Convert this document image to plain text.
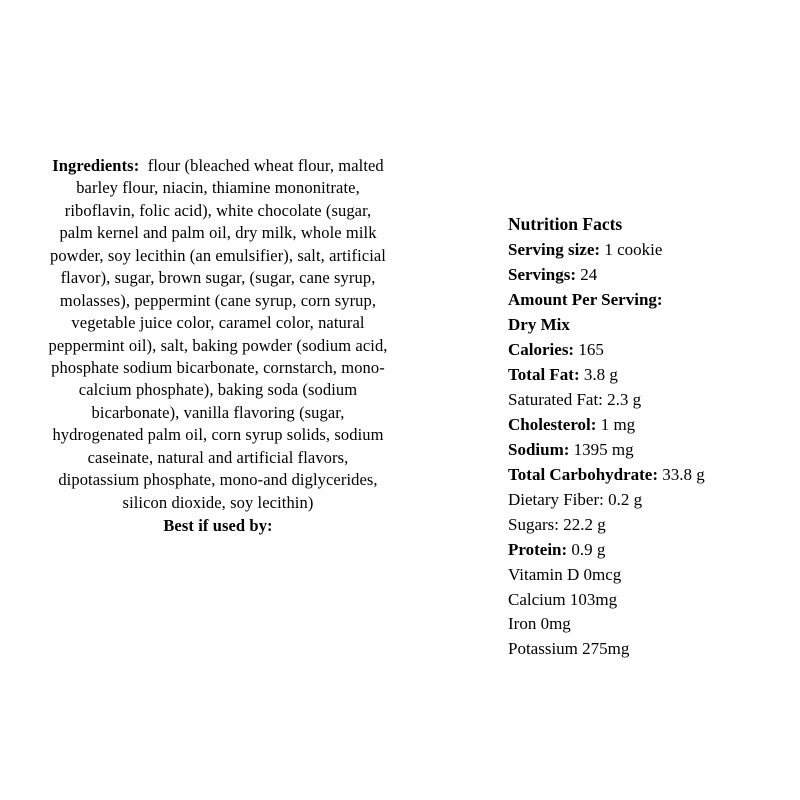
Ingredients: flour (bleached wheat flour, malted barley flour, niacin, thiamine mononitrate, riboflavin, folic acid), white chocolate (sugar, palm kernel and palm oil, dry milk, whole milk powder, soy lecithin (an emulsifier), salt, artificial flavor), sugar, brown sugar, (sugar, cane syrup, molasses), peppermint (cane syrup, corn syrup, vegetable juice color, caramel color, natural peppermint oil), salt, baking powder (sodium acid, phosphate sodium bicarbonate, cornstarch, mono-calcium phosphate), baking soda (sodium bicarbonate), vanilla flavoring (sugar, hydrogenated palm oil, corn syrup solids, sodium caseinate, natural and artificial flavors, dipotassium phosphate, mono-and diglycerides, silicon dioxide, soy lecithin)

Best if used by:
Nutrition Facts
Serving size: 1 cookie
Servings: 24
Amount Per Serving:
Dry Mix
Calories: 165
Total Fat: 3.8 g
Saturated Fat: 2.3 g
Cholesterol: 1 mg
Sodium: 1395 mg
Total Carbohydrate: 33.8 g
Dietary Fiber: 0.2 g
Sugars: 22.2 g
Protein: 0.9 g
Vitamin D 0mcg
Calcium 103mg
Iron 0mg
Potassium 275mg
